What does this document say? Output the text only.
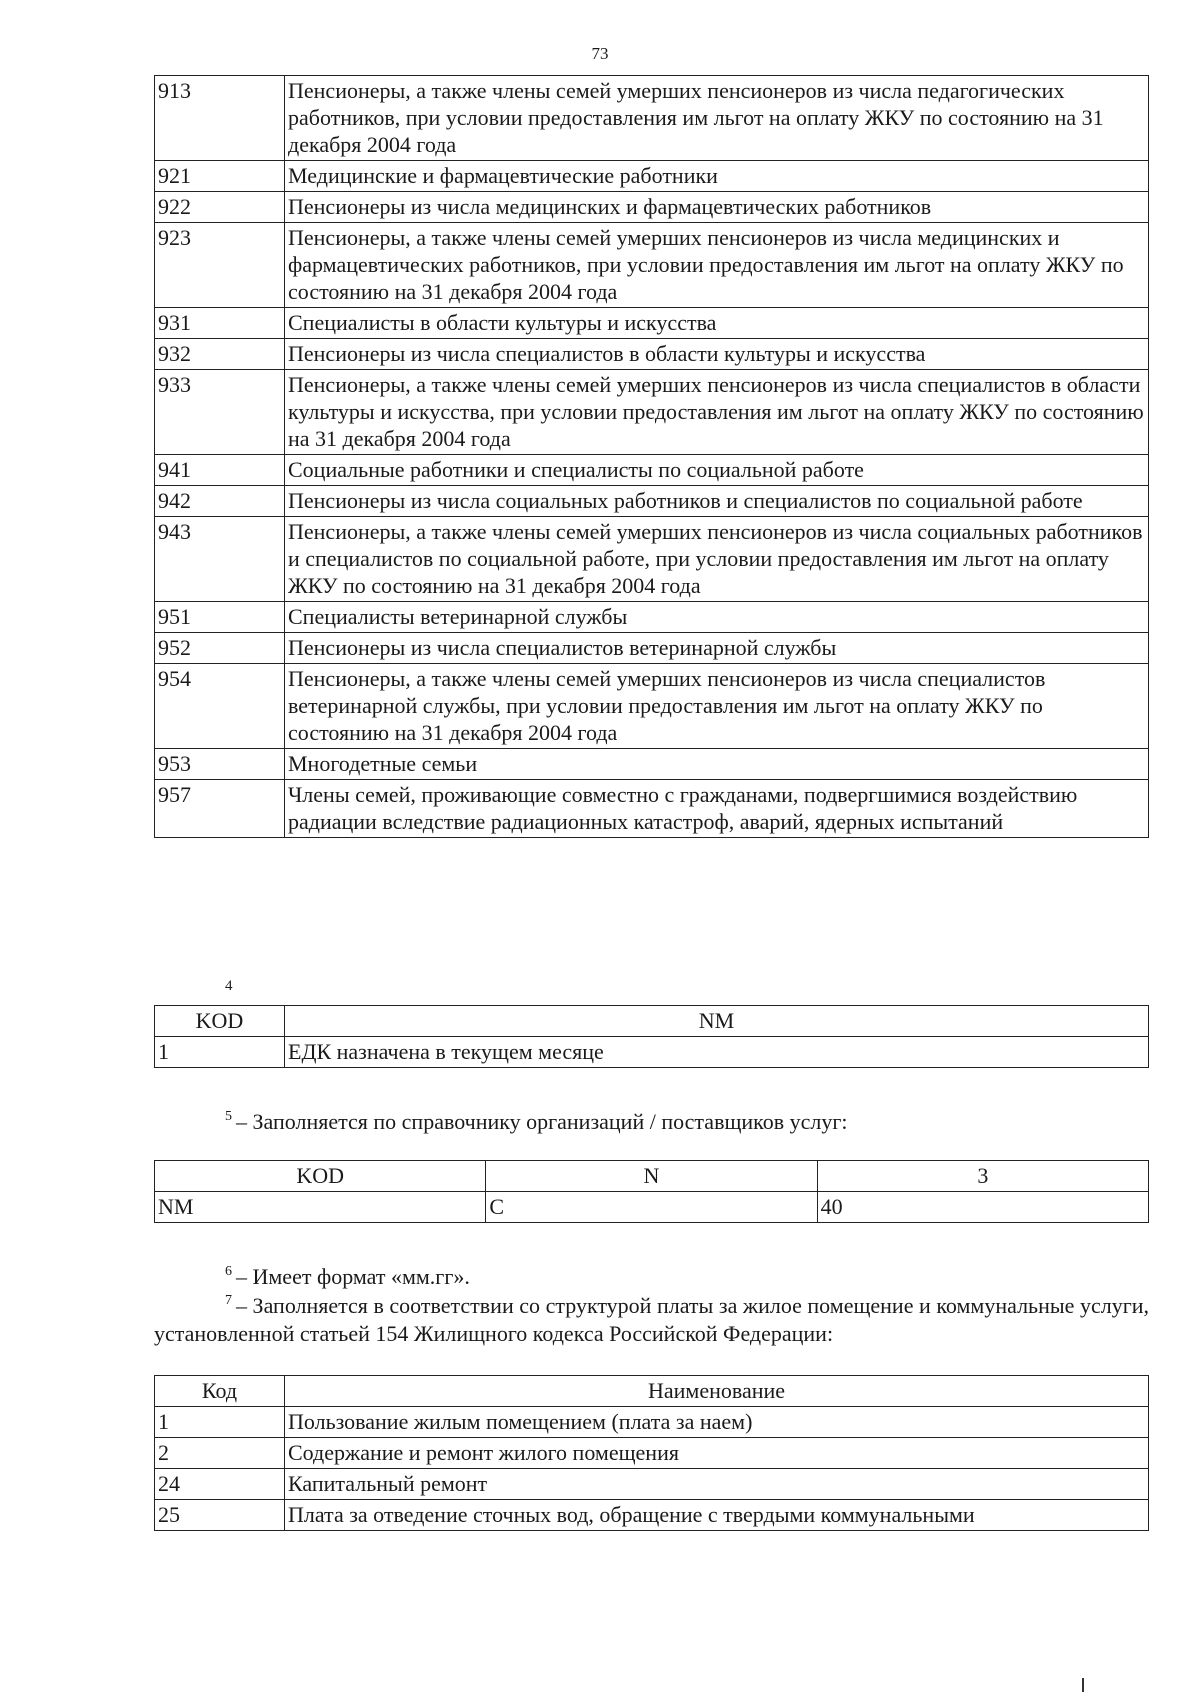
73
913	Пенсионеры, а также члены семей умерших пенсионеров из числа педагогических работников, при условии предоставления им льгот на оплату ЖКУ по состоянию на 31 декабря 2004 года
921	Медицинские и фармацевтические работники
922	Пенсионеры из числа медицинских и фармацевтических работников
923	Пенсионеры, а также члены семей умерших пенсионеров из числа медицинских и фармацевтических работников, при условии предоставления им льгот на оплату ЖКУ по состоянию на 31 декабря 2004 года
931	Специалисты в области культуры и искусства
932	Пенсионеры из числа специалистов в области культуры и искусства
933	Пенсионеры, а также члены семей умерших пенсионеров из числа специалистов в области культуры и искусства, при условии предоставления им льгот на оплату ЖКУ по состоянию на 31 декабря 2004 года
941	Социальные работники и специалисты по социальной работе
942	Пенсионеры из числа социальных работников и специалистов по социальной работе
943	Пенсионеры, а также члены семей умерших пенсионеров из числа социальных работников и специалистов по социальной работе, при условии предоставления им льгот на оплату ЖКУ по состоянию на 31 декабря 2004 года
951	Специалисты ветеринарной службы
952	Пенсионеры из числа специалистов ветеринарной службы
954	Пенсионеры, а также члены семей умерших пенсионеров из числа специалистов ветеринарной службы, при условии предоставления им льгот на оплату ЖКУ по состоянию на 31 декабря 2004 года
953	Многодетные семьи
957	Члены семей, проживающие совместно с гражданами, подвергшимися воздействию радиации вследствие радиационных катастроф, аварий, ядерных испытаний
4
KOD	NM
1	ЕДК назначена в текущем месяце
$^5$ – Заполняется по справочнику организаций / поставщиков услуг:
KOD	N	3
NM	C	40
$^6$ – Имеет формат «мм.гг».
$^7$ – Заполняется в соответствии со структурой платы за жилое помещение и коммунальные услуги, установленной статьей 154 Жилищного кодекса Российской Федерации:
Код	Наименование
1	Пользование жилым помещением (плата за наем)
2	Содержание и ремонт жилого помещения
24	Капитальный ремонт
25	Плата за отведение сточных вод, обращение с твердыми коммунальными
